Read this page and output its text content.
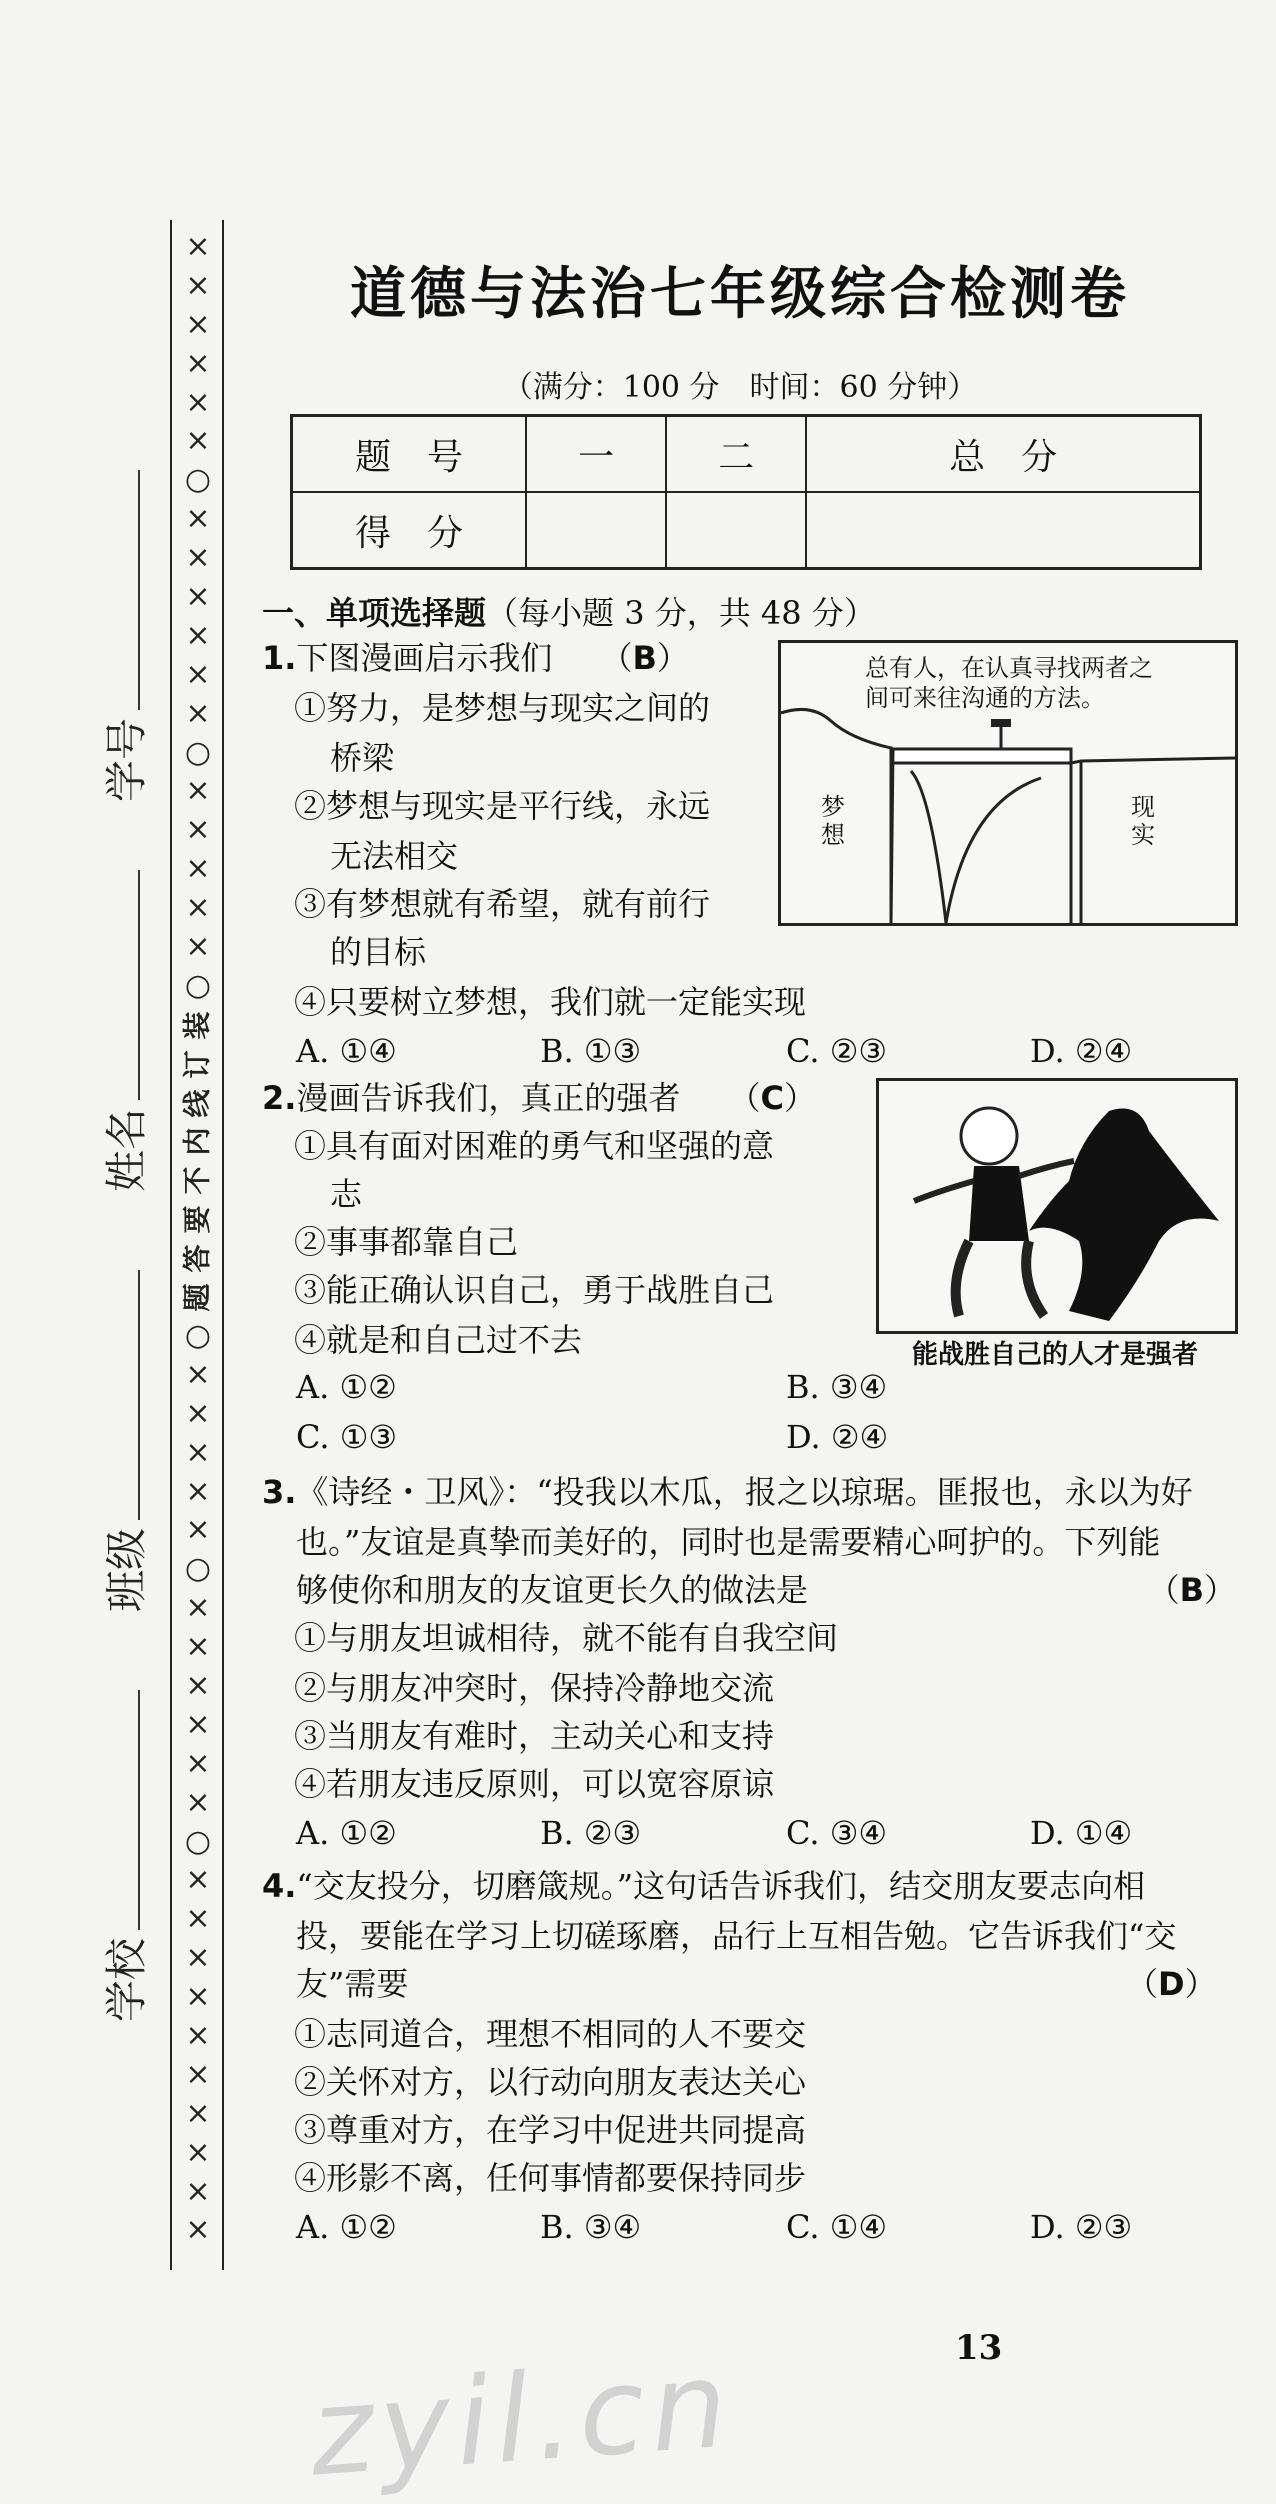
×
×
×
×
×
×
○
×
×
×
×
×
×
○
×
×
×
×
×
○
装
订
线
内
不
要
答
题
○
×
×
×
×
×
○
×
×
×
×
×
×
○
×
×
×
×
×
×
×
×
×
×
学号
姓名
班级
学校
道德与法治七年级综合检测卷
（满分：100 分　时间：60 分钟）
题　号	一	二	总　分
得　分			
一、单项选择题（每小题 3 分，共 48 分）
1.下图漫画启示我们　　（B）
①努力，是梦想与现实之间的
桥梁
②梦想与现实是平行线，永远
无法相交
③有梦想就有希望，就有前行
的目标
④只要树立梦想，我们就一定能实现
A. ①④	B. ①③	C. ②③	D. ②④
总有人，在认真寻找两者之间可来往沟通的方法。
梦想
现实
2.漫画告诉我们，真正的强者　　（C）
①具有面对困难的勇气和坚强的意
志
②事事都靠自己
③能正确认识自己，勇于战胜自己
④就是和自己过不去
A. ①②	B. ③④
C. ①③	D. ②④
能战胜自己的人才是强者
3.《诗经・卫风》：“投我以木瓜，报之以琼琚。匪报也，永以为好
也。”友谊是真挚而美好的，同时也是需要精心呵护的。下列能
够使你和朋友的友谊更长久的做法是	（B）
①与朋友坦诚相待，就不能有自我空间
②与朋友冲突时，保持冷静地交流
③当朋友有难时，主动关心和支持
④若朋友违反原则，可以宽容原谅
A. ①②	B. ②③	C. ③④	D. ①④
4.“交友投分，切磨箴规。”这句话告诉我们，结交朋友要志向相
投，要能在学习上切磋琢磨，品行上互相告勉。它告诉我们“交
友”需要	（D）
①志同道合，理想不相同的人不要交
②关怀对方，以行动向朋友表达关心
③尊重对方，在学习中促进共同提高
④形影不离，任何事情都要保持同步
A. ①②	B. ③④	C. ①④	D. ②③
13
zyil.cn
